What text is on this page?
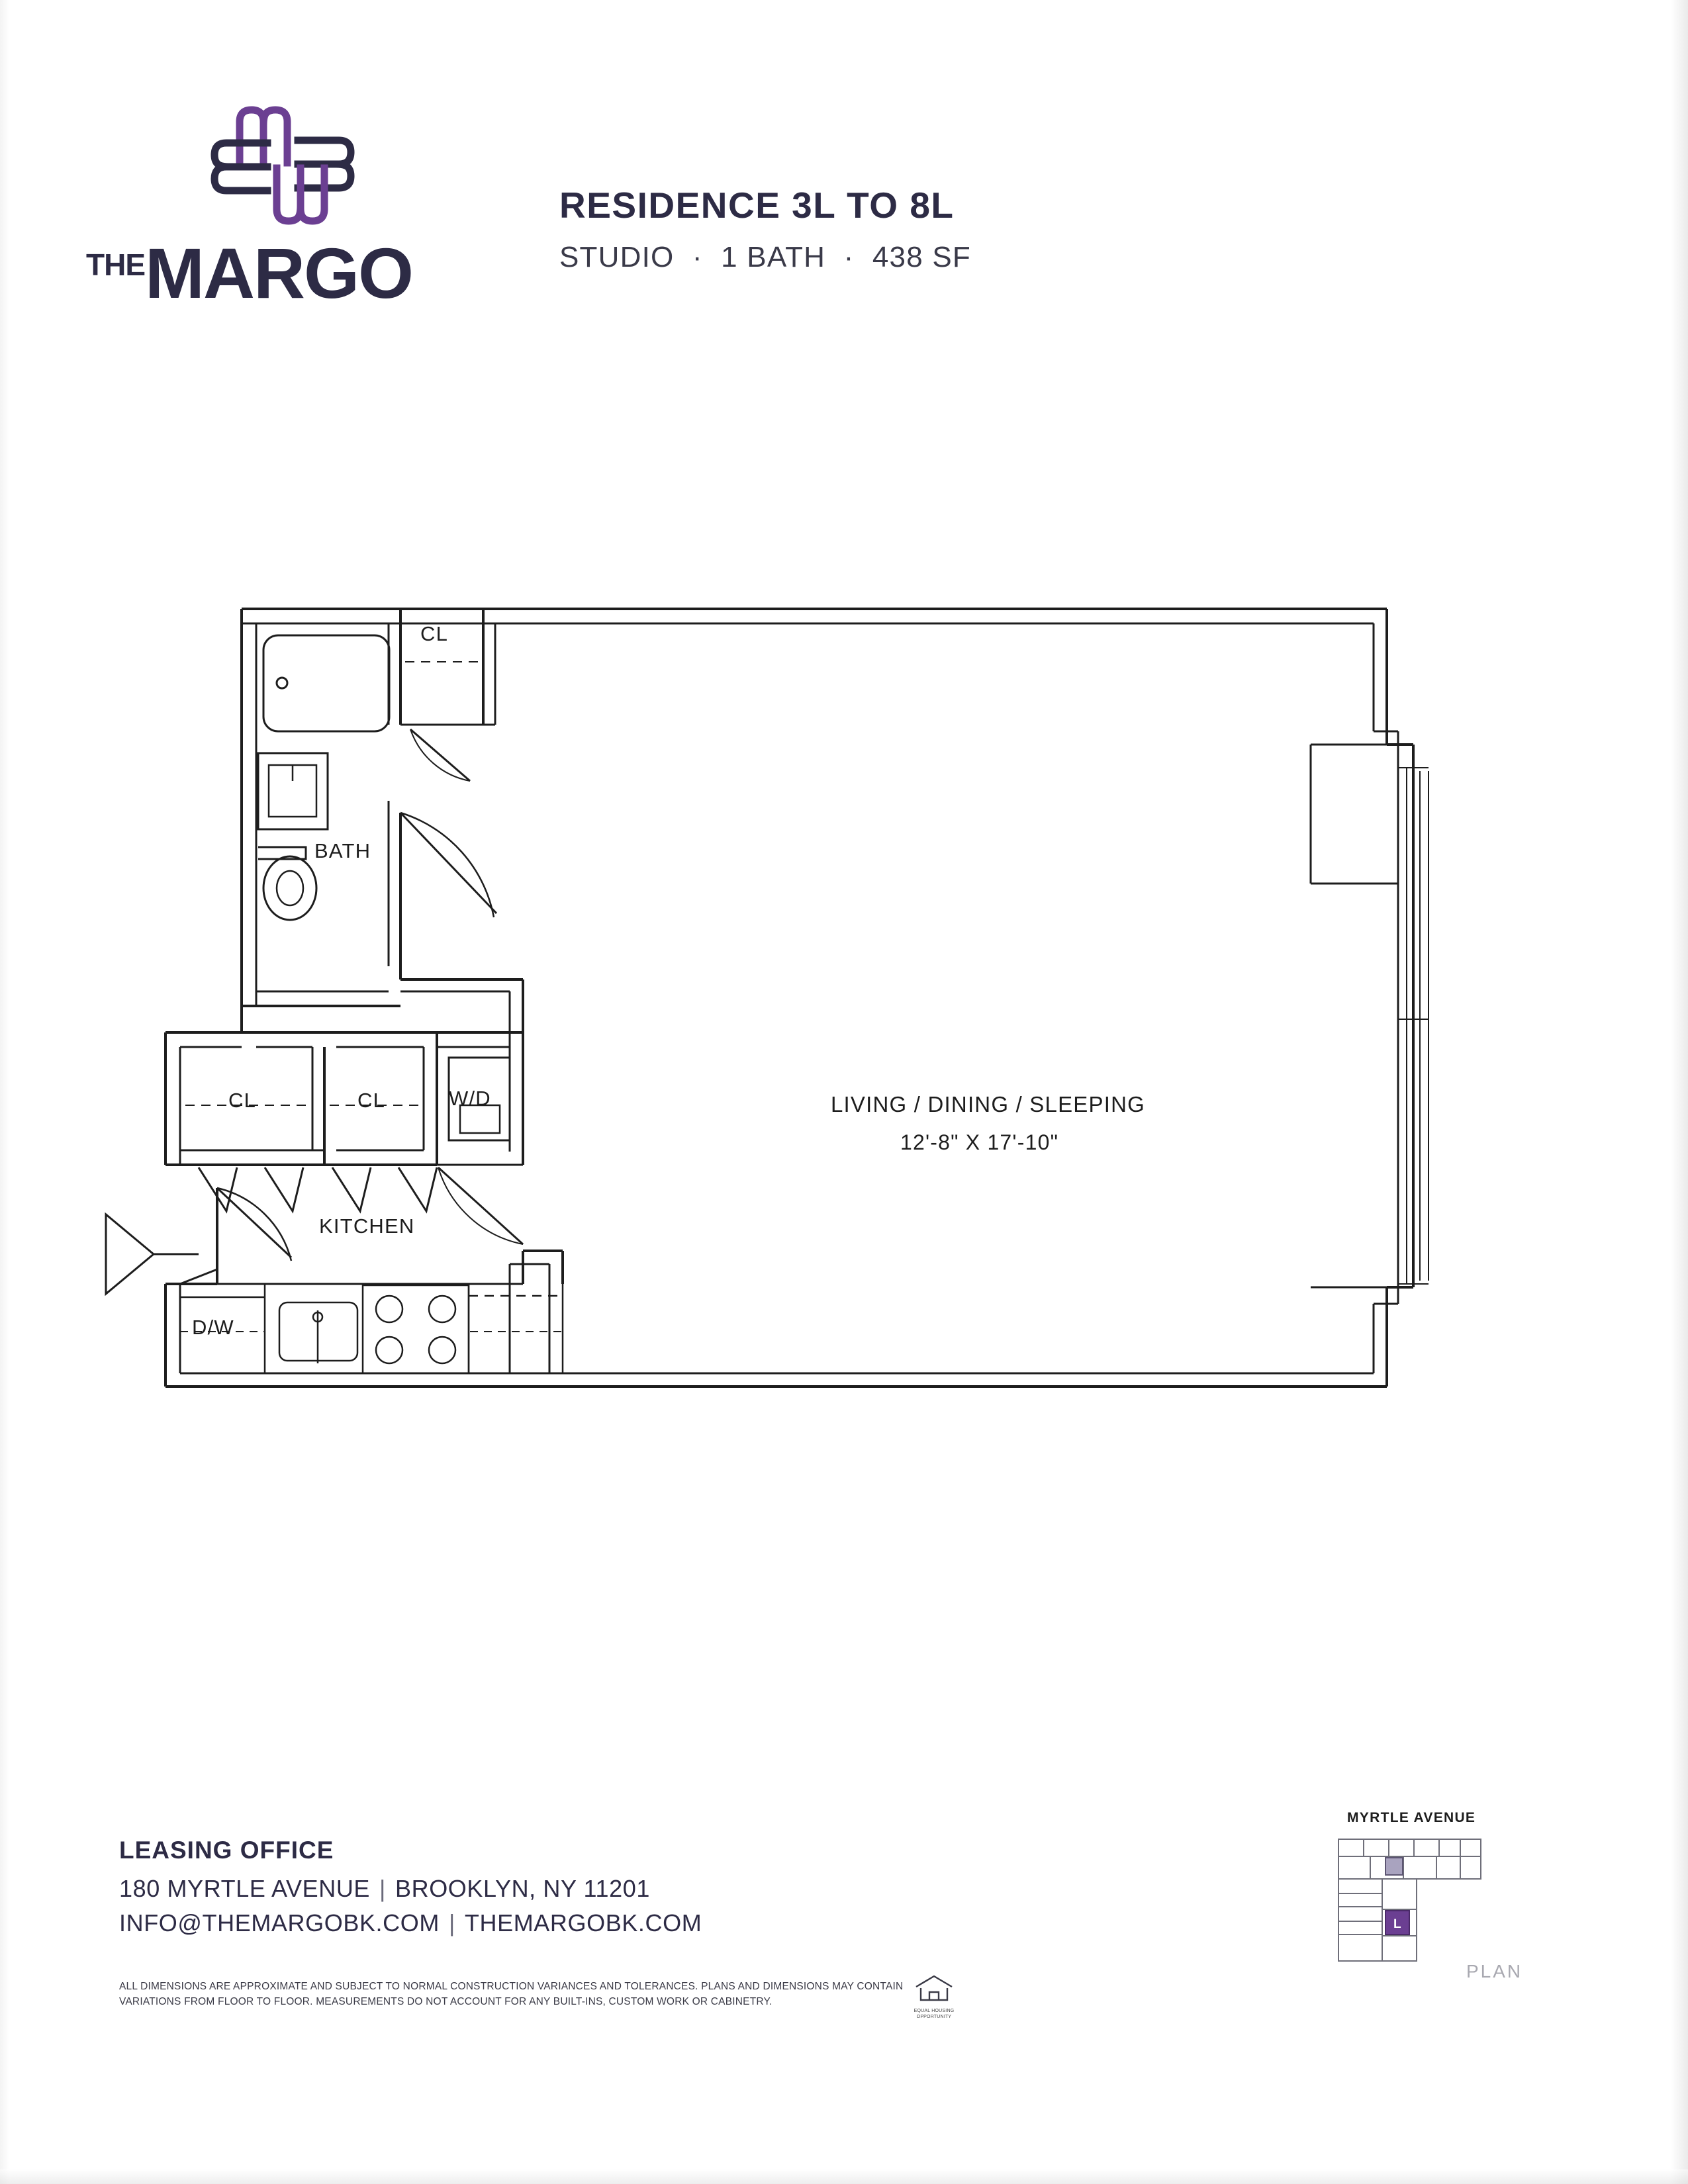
THEMARGO
RESIDENCE 3L TO 8L
STUDIO · 1 BATH · 438 SF
CL
BATH
CL	CL	W/D
KITCHEN
D/W
LIVING / DINING / SLEEPING
12'-8" X 17'-10"
LEASING OFFICE
180 MYRTLE AVENUE | BROOKLYN, NY 11201
INFO@THEMARGOBK.COM | THEMARGOBK.COM
ALL DIMENSIONS ARE APPROXIMATE AND SUBJECT TO NORMAL CONSTRUCTION VARIANCES AND TOLERANCES. PLANS AND DIMENSIONS MAY CONTAIN VARIATIONS FROM FLOOR TO FLOOR. MEASUREMENTS DO NOT ACCOUNT FOR ANY BUILT-INS, CUSTOM WORK OR CABINETRY.
EQUAL HOUSING OPPORTUNITY
MYRTLE AVENUE
L
PLAN
